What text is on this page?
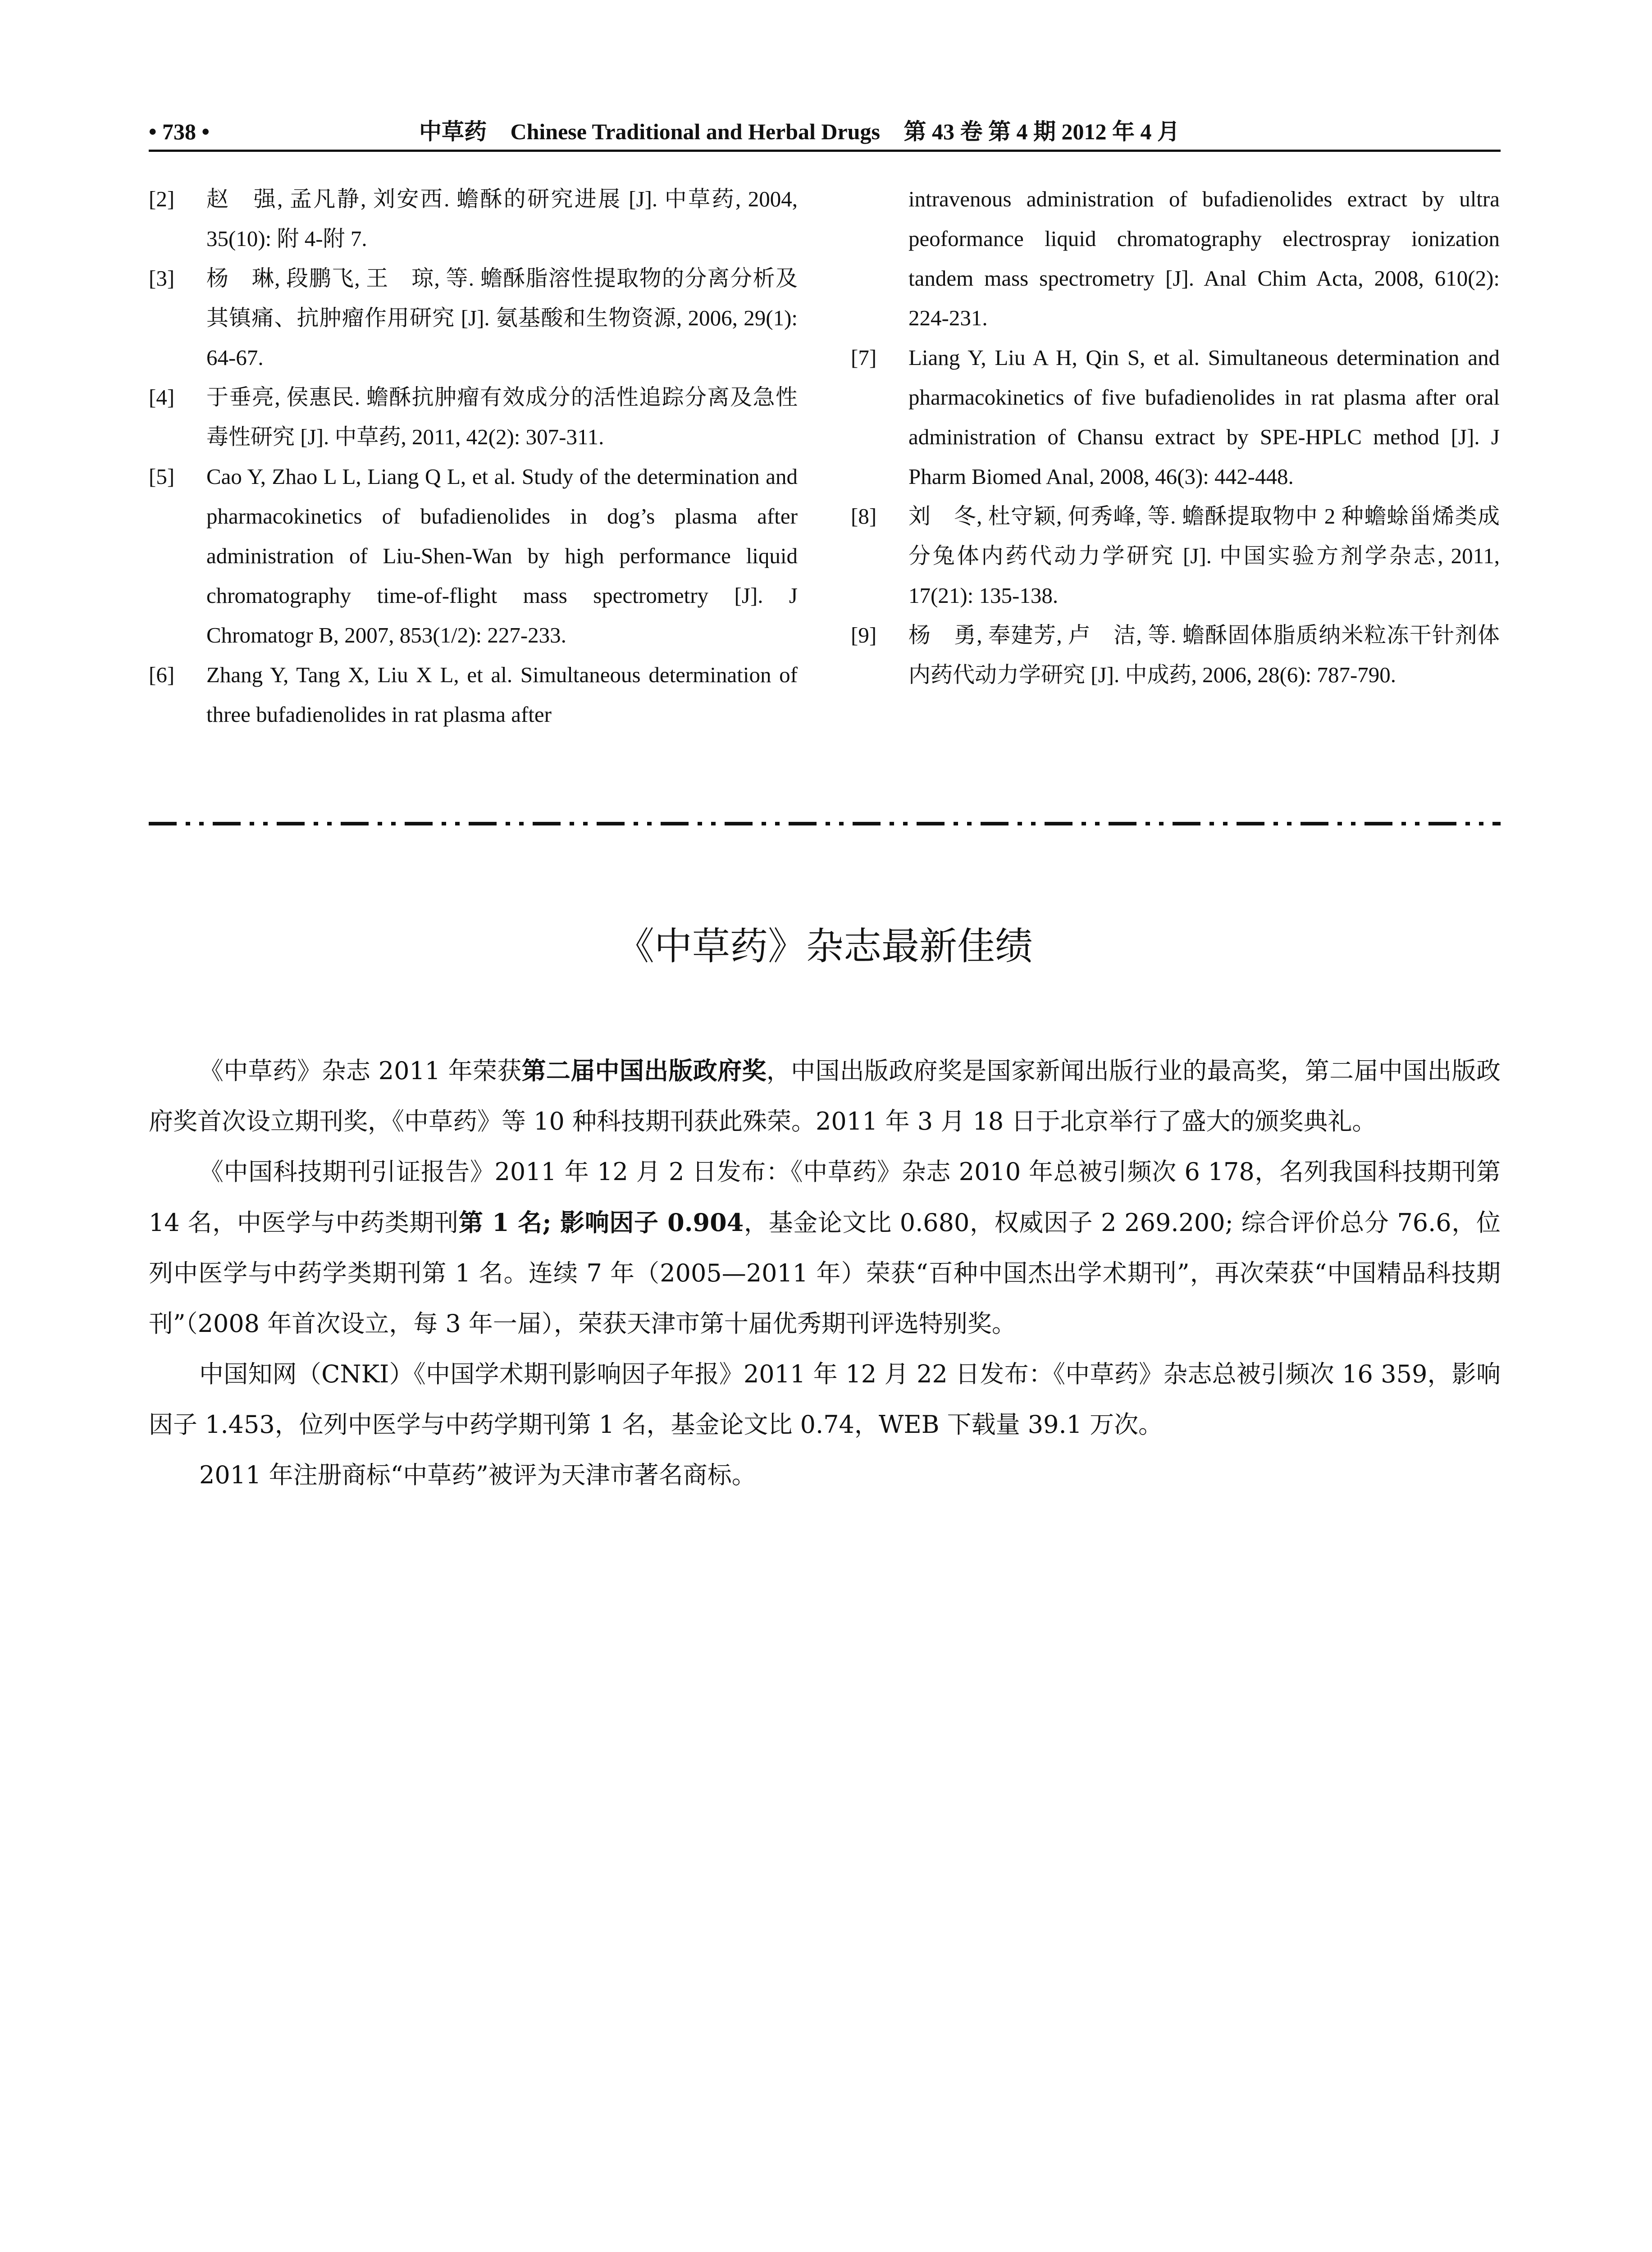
• 738 •	中草药 Chinese Traditional and Herbal Drugs 第 43 卷 第 4 期 2012 年 4 月
[2]	赵　强, 孟凡静, 刘安西. 蟾酥的研究进展 [J]. 中草药, 2004, 35(10): 附 4-附 7.
[3]	杨　琳, 段鹏飞, 王　琼, 等. 蟾酥脂溶性提取物的分离分析及其镇痛、抗肿瘤作用研究 [J]. 氨基酸和生物资源, 2006, 29(1): 64-67.
[4]	于垂亮, 侯惠民. 蟾酥抗肿瘤有效成分的活性追踪分离及急性毒性研究 [J]. 中草药, 2011, 42(2): 307-311.
[5]	Cao Y, Zhao L L, Liang Q L, et al. Study of the determination and pharmacokinetics of bufadienolides in dog’s plasma after administration of Liu-Shen-Wan by high performance liquid chromatography time-of-flight mass spectrometry [J]. J Chromatogr B, 2007, 853(1/2): 227-233.
[6]	Zhang Y, Tang X, Liu X L, et al. Simultaneous determination of three bufadienolides in rat plasma after
intravenous administration of bufadienolides extract by ultra peoformance liquid chromatography electrospray ionization tandem mass spectrometry [J]. Anal Chim Acta, 2008, 610(2): 224-231.
[7]	Liang Y, Liu A H, Qin S, et al. Simultaneous determination and pharmacokinetics of five bufadienolides in rat plasma after oral administration of Chansu extract by SPE-HPLC method [J]. J Pharm Biomed Anal, 2008, 46(3): 442-448.
[8]	刘　冬, 杜守颖, 何秀峰, 等. 蟾酥提取物中 2 种蟾蜍甾烯类成分兔体内药代动力学研究 [J]. 中国实验方剂学杂志, 2011, 17(21): 135-138.
[9]	杨　勇, 奉建芳, 卢　洁, 等. 蟾酥固体脂质纳米粒冻干针剂体内药代动力学研究 [J]. 中成药, 2006, 28(6): 787-790.
《中草药》杂志最新佳绩

《中草药》杂志 2011 年荣获第二届中国出版政府奖，中国出版政府奖是国家新闻出版行业的最高奖，第二届中国出版政府奖首次设立期刊奖，《中草药》等 10 种科技期刊获此殊荣。2011 年 3 月 18 日于北京举行了盛大的颁奖典礼。

《中国科技期刊引证报告》2011 年 12 月 2 日发布：《中草药》杂志 2010 年总被引频次 6 178，名列我国科技期刊第 14 名，中医学与中药类期刊第 1 名; 影响因子 0.904，基金论文比 0.680，权威因子 2 269.200; 综合评价总分 76.6，位列中医学与中药学类期刊第 1 名。连续 7 年（2005—2011 年）荣获“百种中国杰出学术期刊”，再次荣获“中国精品科技期刊”（2008 年首次设立，每 3 年一届），荣获天津市第十届优秀期刊评选特别奖。

中国知网（CNKI）《中国学术期刊影响因子年报》2011 年 12 月 22 日发布：《中草药》杂志总被引频次 16 359，影响因子 1.453，位列中医学与中药学期刊第 1 名，基金论文比 0.74，WEB 下载量 39.1 万次。

2011 年注册商标“中草药”被评为天津市著名商标。
